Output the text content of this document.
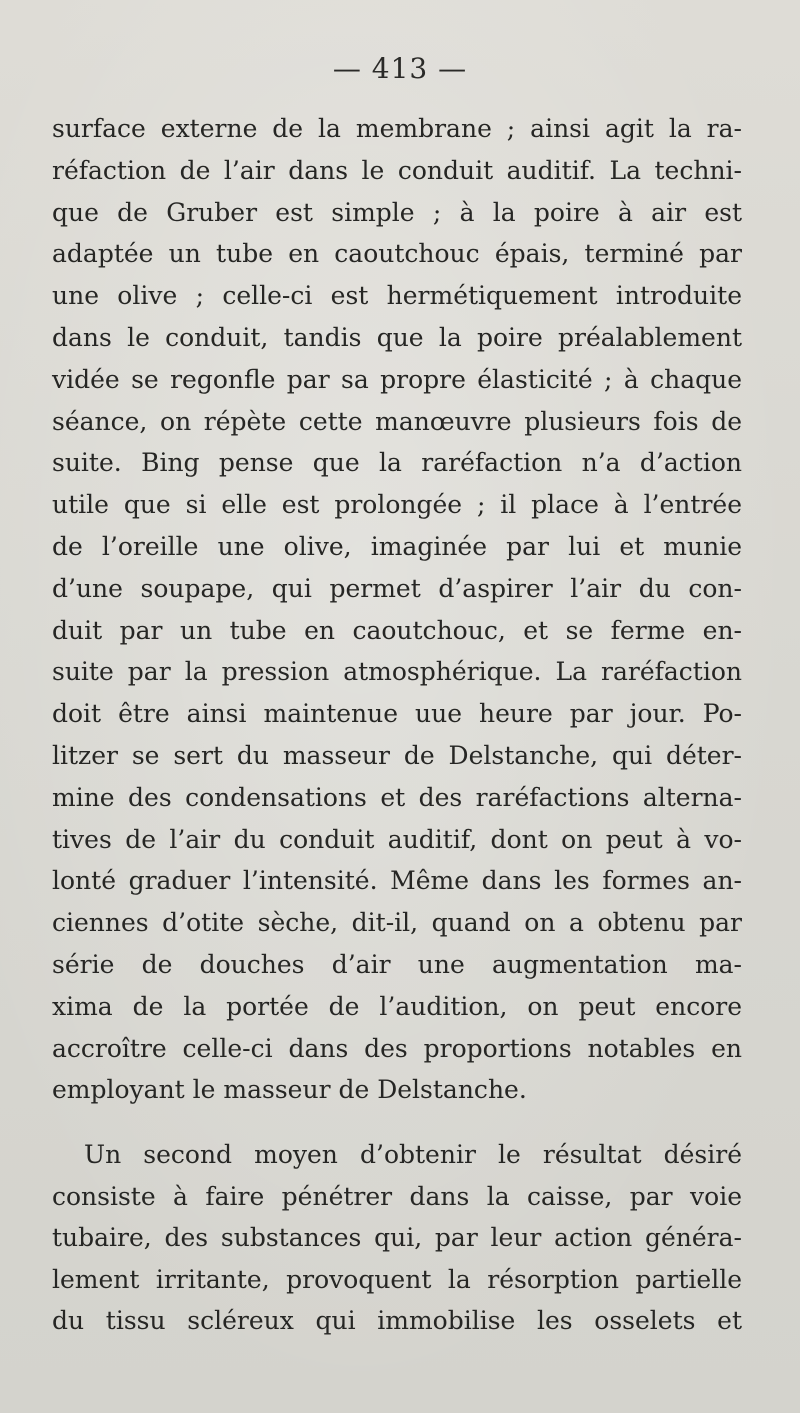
— 413 —
surface externe de la membrane ; ainsi agit la ra-
réfaction de l’air dans le conduit auditif. La techni-
que de Gruber est simple ; à la poire à air est
adaptée un tube en caoutchouc épais, terminé par
une olive ; celle-ci est hermétiquement introduite
dans le conduit, tandis que la poire préalablement
vidée se regonfle par sa propre élasticité ; à chaque
séance, on répète cette manœuvre plusieurs fois de
suite. Bing pense que la raréfaction n’a d’action
utile que si elle est prolongée ; il place à l’entrée
de l’oreille une olive, imaginée par lui et munie
d’une soupape, qui permet d’aspirer l’air du con-
duit par un tube en caoutchouc, et se ferme en-
suite par la pression atmosphérique. La raréfaction
doit être ainsi maintenue uue heure par jour. Po-
litzer se sert du masseur de Delstanche, qui déter-
mine des condensations et des raréfactions alterna-
tives de l’air du conduit auditif, dont on peut à vo-
lonté graduer l’intensité. Même dans les formes an-
ciennes d’otite sèche, dit-il, quand on a obtenu par
série de douches d’air une augmentation ma-
xima de la portée de l’audition, on peut encore
accroître celle-ci dans des proportions notables en
employant le masseur de Delstanche.
Un second moyen d’obtenir le résultat désiré
consiste à faire pénétrer dans la caisse, par voie
tubaire, des substances qui, par leur action généra-
lement irritante, provoquent la résorption partielle
du tissu scléreux qui immobilise les osselets et
